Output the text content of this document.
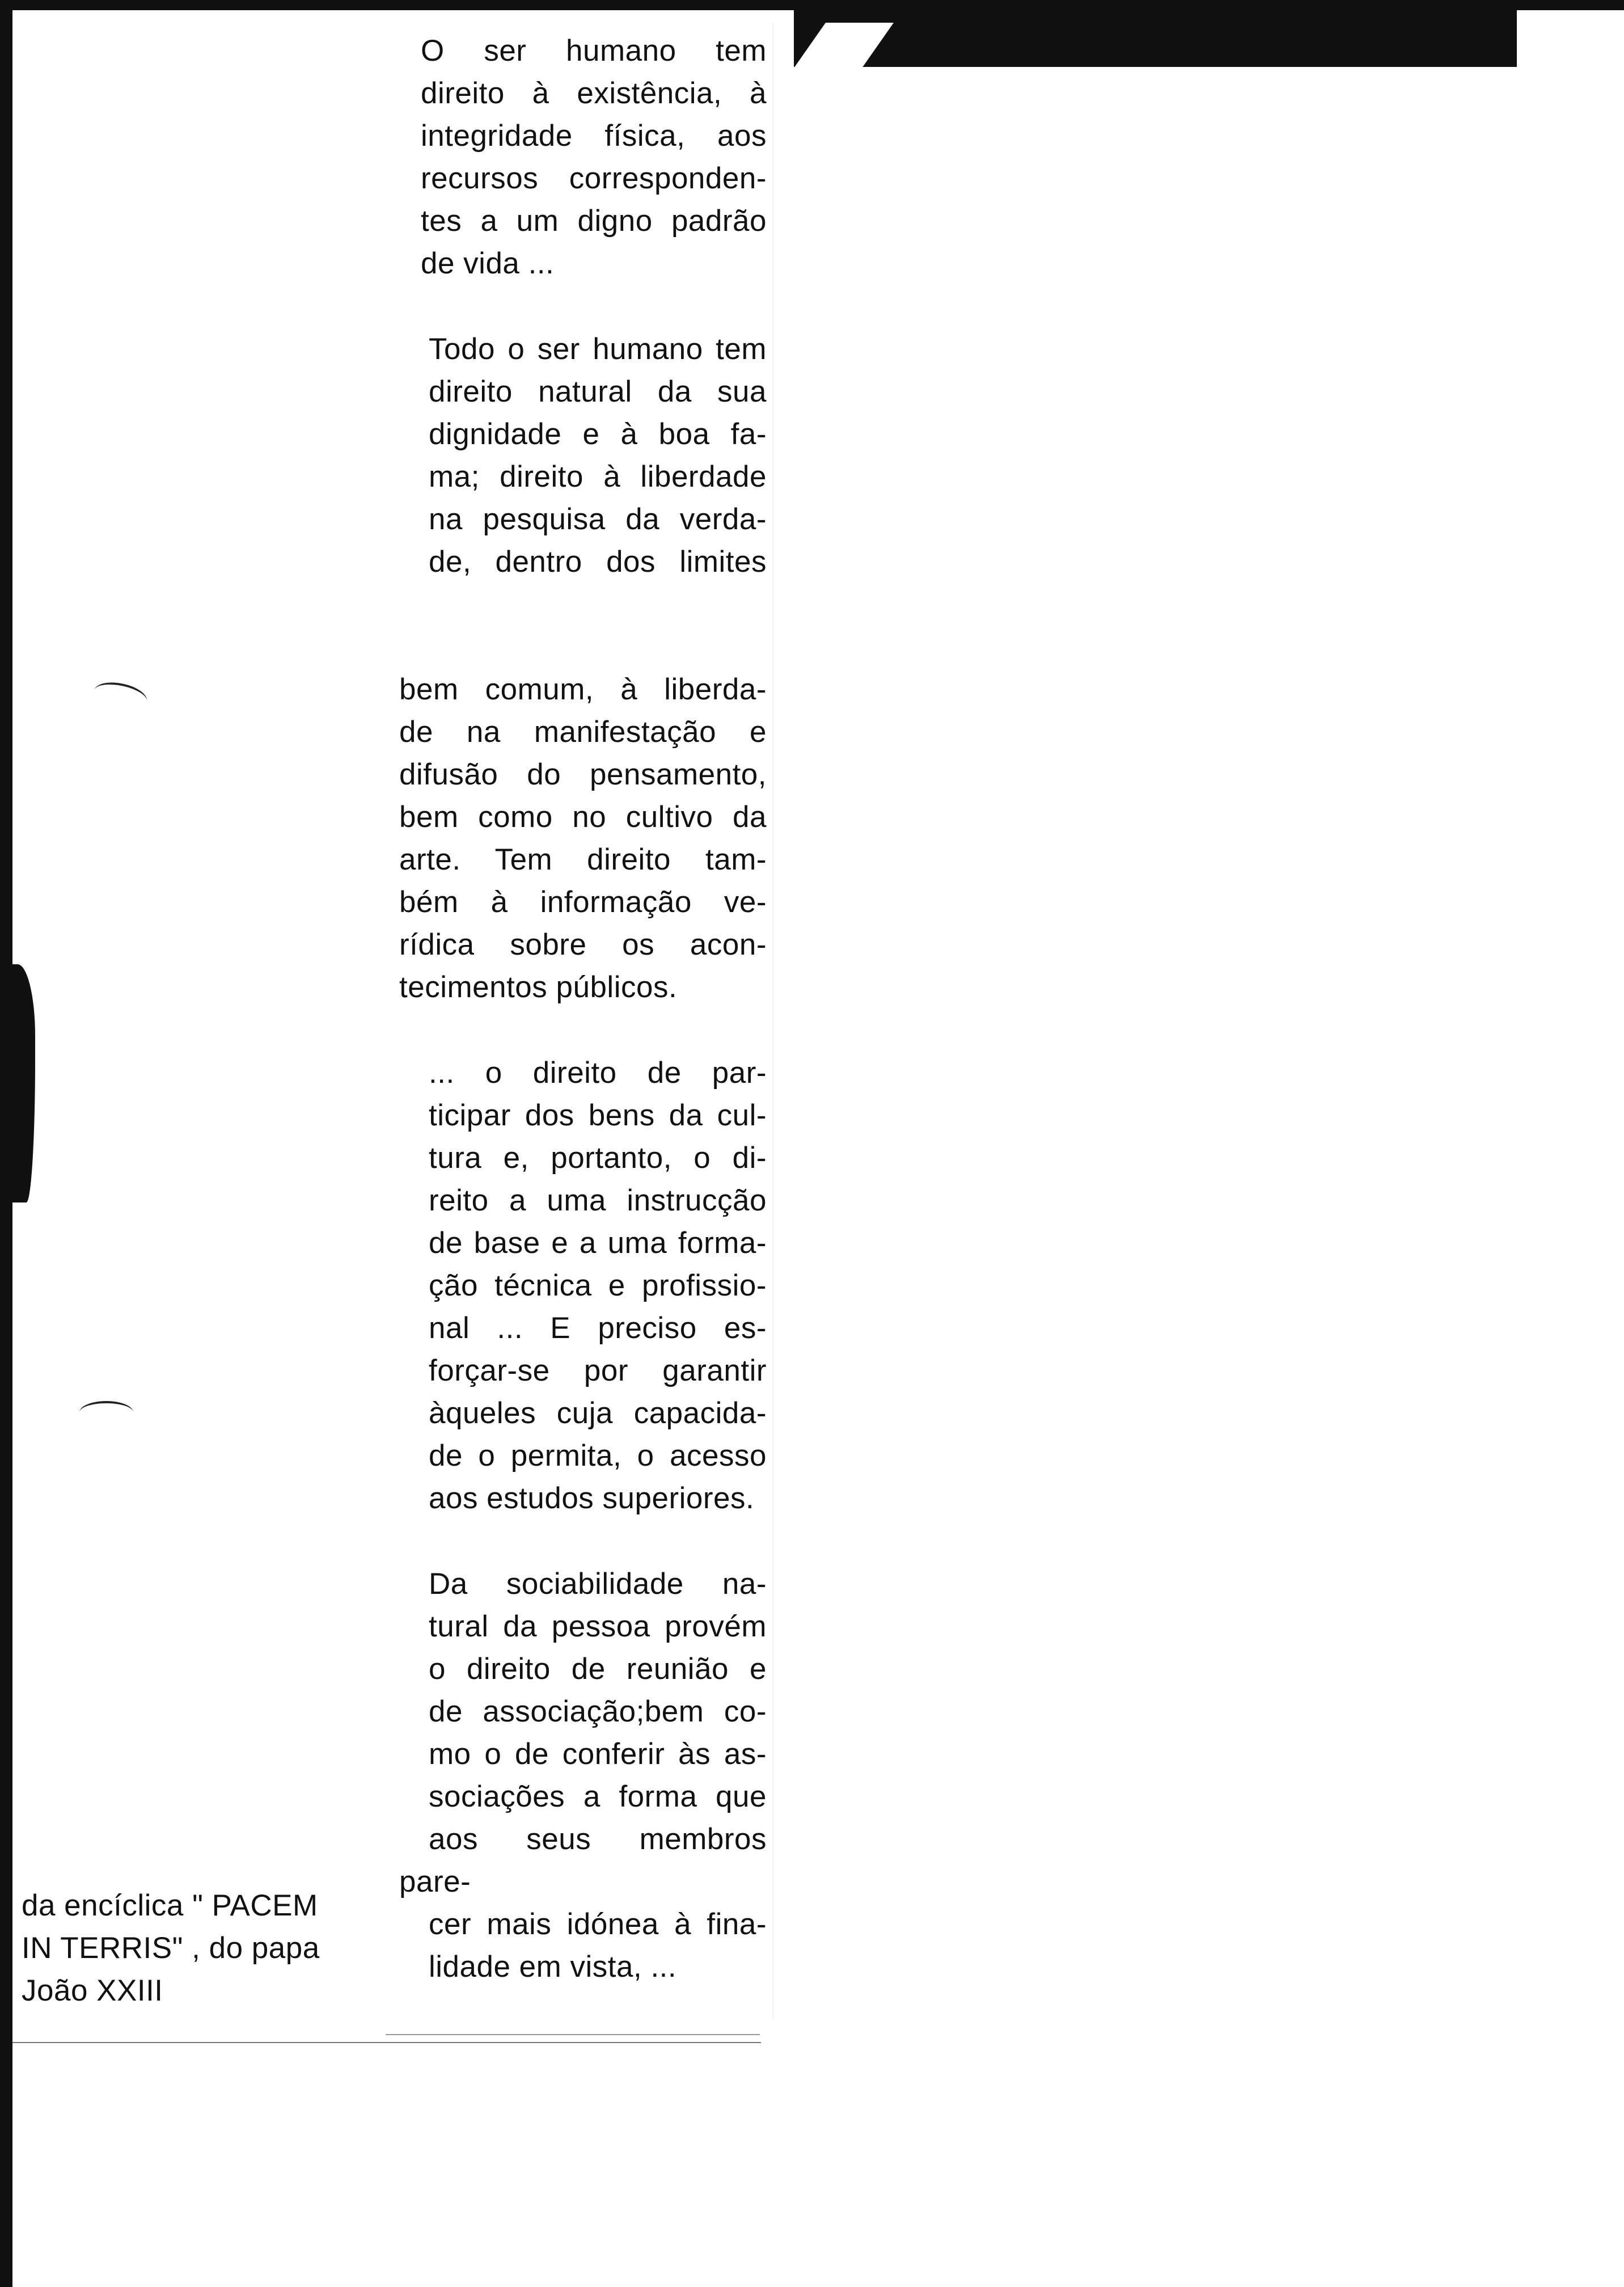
O ser humano tem
direito à existência, à
integridade física, aos
recursos corresponden-
tes a um digno padrão
de vida ...
Todo o ser humano tem
direito natural da sua
dignidade e à boa fa-
ma; direito à liberdade
na pesquisa da verda-
de, dentro dos limites
bem comum, à liberda-
de na manifestação e
difusão do pensamento,
bem como no cultivo da
arte. Tem direito tam-
bém à informação ve-
rídica sobre os acon-
tecimentos públicos.
... o direito de par-
ticipar dos bens da cul-
tura e, portanto, o di-
reito a uma instrucção
de base e a uma forma-
ção técnica e profissio-
nal ... E preciso es-
forçar-se por garantir
àqueles cuja capacida-
de o permita, o acesso
aos estudos superiores.
Da sociabilidade na-
tural da pessoa provém
o direito de reunião e
de associação;bem co-
mo o de conferir às as-
sociações a forma que
aos seus membros pare-
cer mais idónea à fina-
lidade em vista, ...
da encíclica " PACEM
IN TERRIS" , do papa
João XXIII
